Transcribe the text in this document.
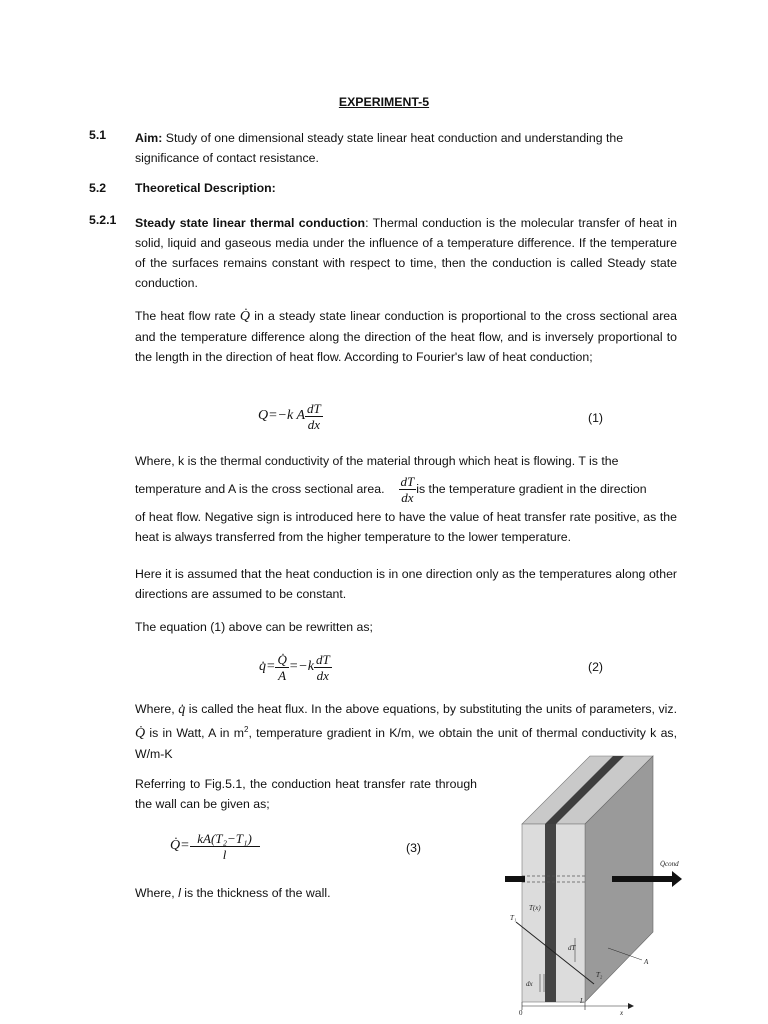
EXPERIMENT-5
5.1 Aim: Study of one dimensional steady state linear heat conduction and understanding the
significance of contact resistance.
5.2 Theoretical Description:
5.2.1 Steady state linear thermal conduction: Thermal conduction is the molecular transfer of heat in solid, liquid and gaseous media under the influence of a temperature difference. If the temperature of the surfaces remains constant with respect to time, then the conduction is called Steady state conduction.
The heat flow rate Q̇ in a steady state linear conduction is proportional to the cross sectional area and the temperature difference along the direction of the heat flow, and is inversely proportional to the length in the direction of heat flow. According to Fourier's law of heat conduction;
Q=−k A $\frac{dT}{dx}$	(1)
Where, k is the thermal conductivity of the material through which heat is flowing. T is the
temperature and A is the cross sectional area. $\frac{dT}{dx}$ is the temperature gradient in the direction
of heat flow. Negative sign is introduced here to have the value of heat transfer rate positive, as the heat is always transferred from the higher temperature to the lower temperature.
Here it is assumed that the heat conduction is in one direction only as the temperatures along other directions are assumed to be constant.
The equation (1) above can be rewritten as;
q̇= $\frac{Q̇}{A} =-k \frac{dT}{dx}$	(2)
Where, q̇ is called the heat flux. In the above equations, by substituting the units of parameters, viz. Q̇ is in Watt, A in $m^2$, temperature gradient in K/m, we obtain the unit of thermal conductivity k as, W/m-K
Referring to Fig.5.1, the conduction heat transfer rate through the wall can be given as;
Q̇= $\frac{\text{kA(T₂−T₁)}}{l}$	(3)
Where, l is the thickness of the wall.
Q̇cond
T₁
T(x)
T₂
dT
A
dx
0
L
x
